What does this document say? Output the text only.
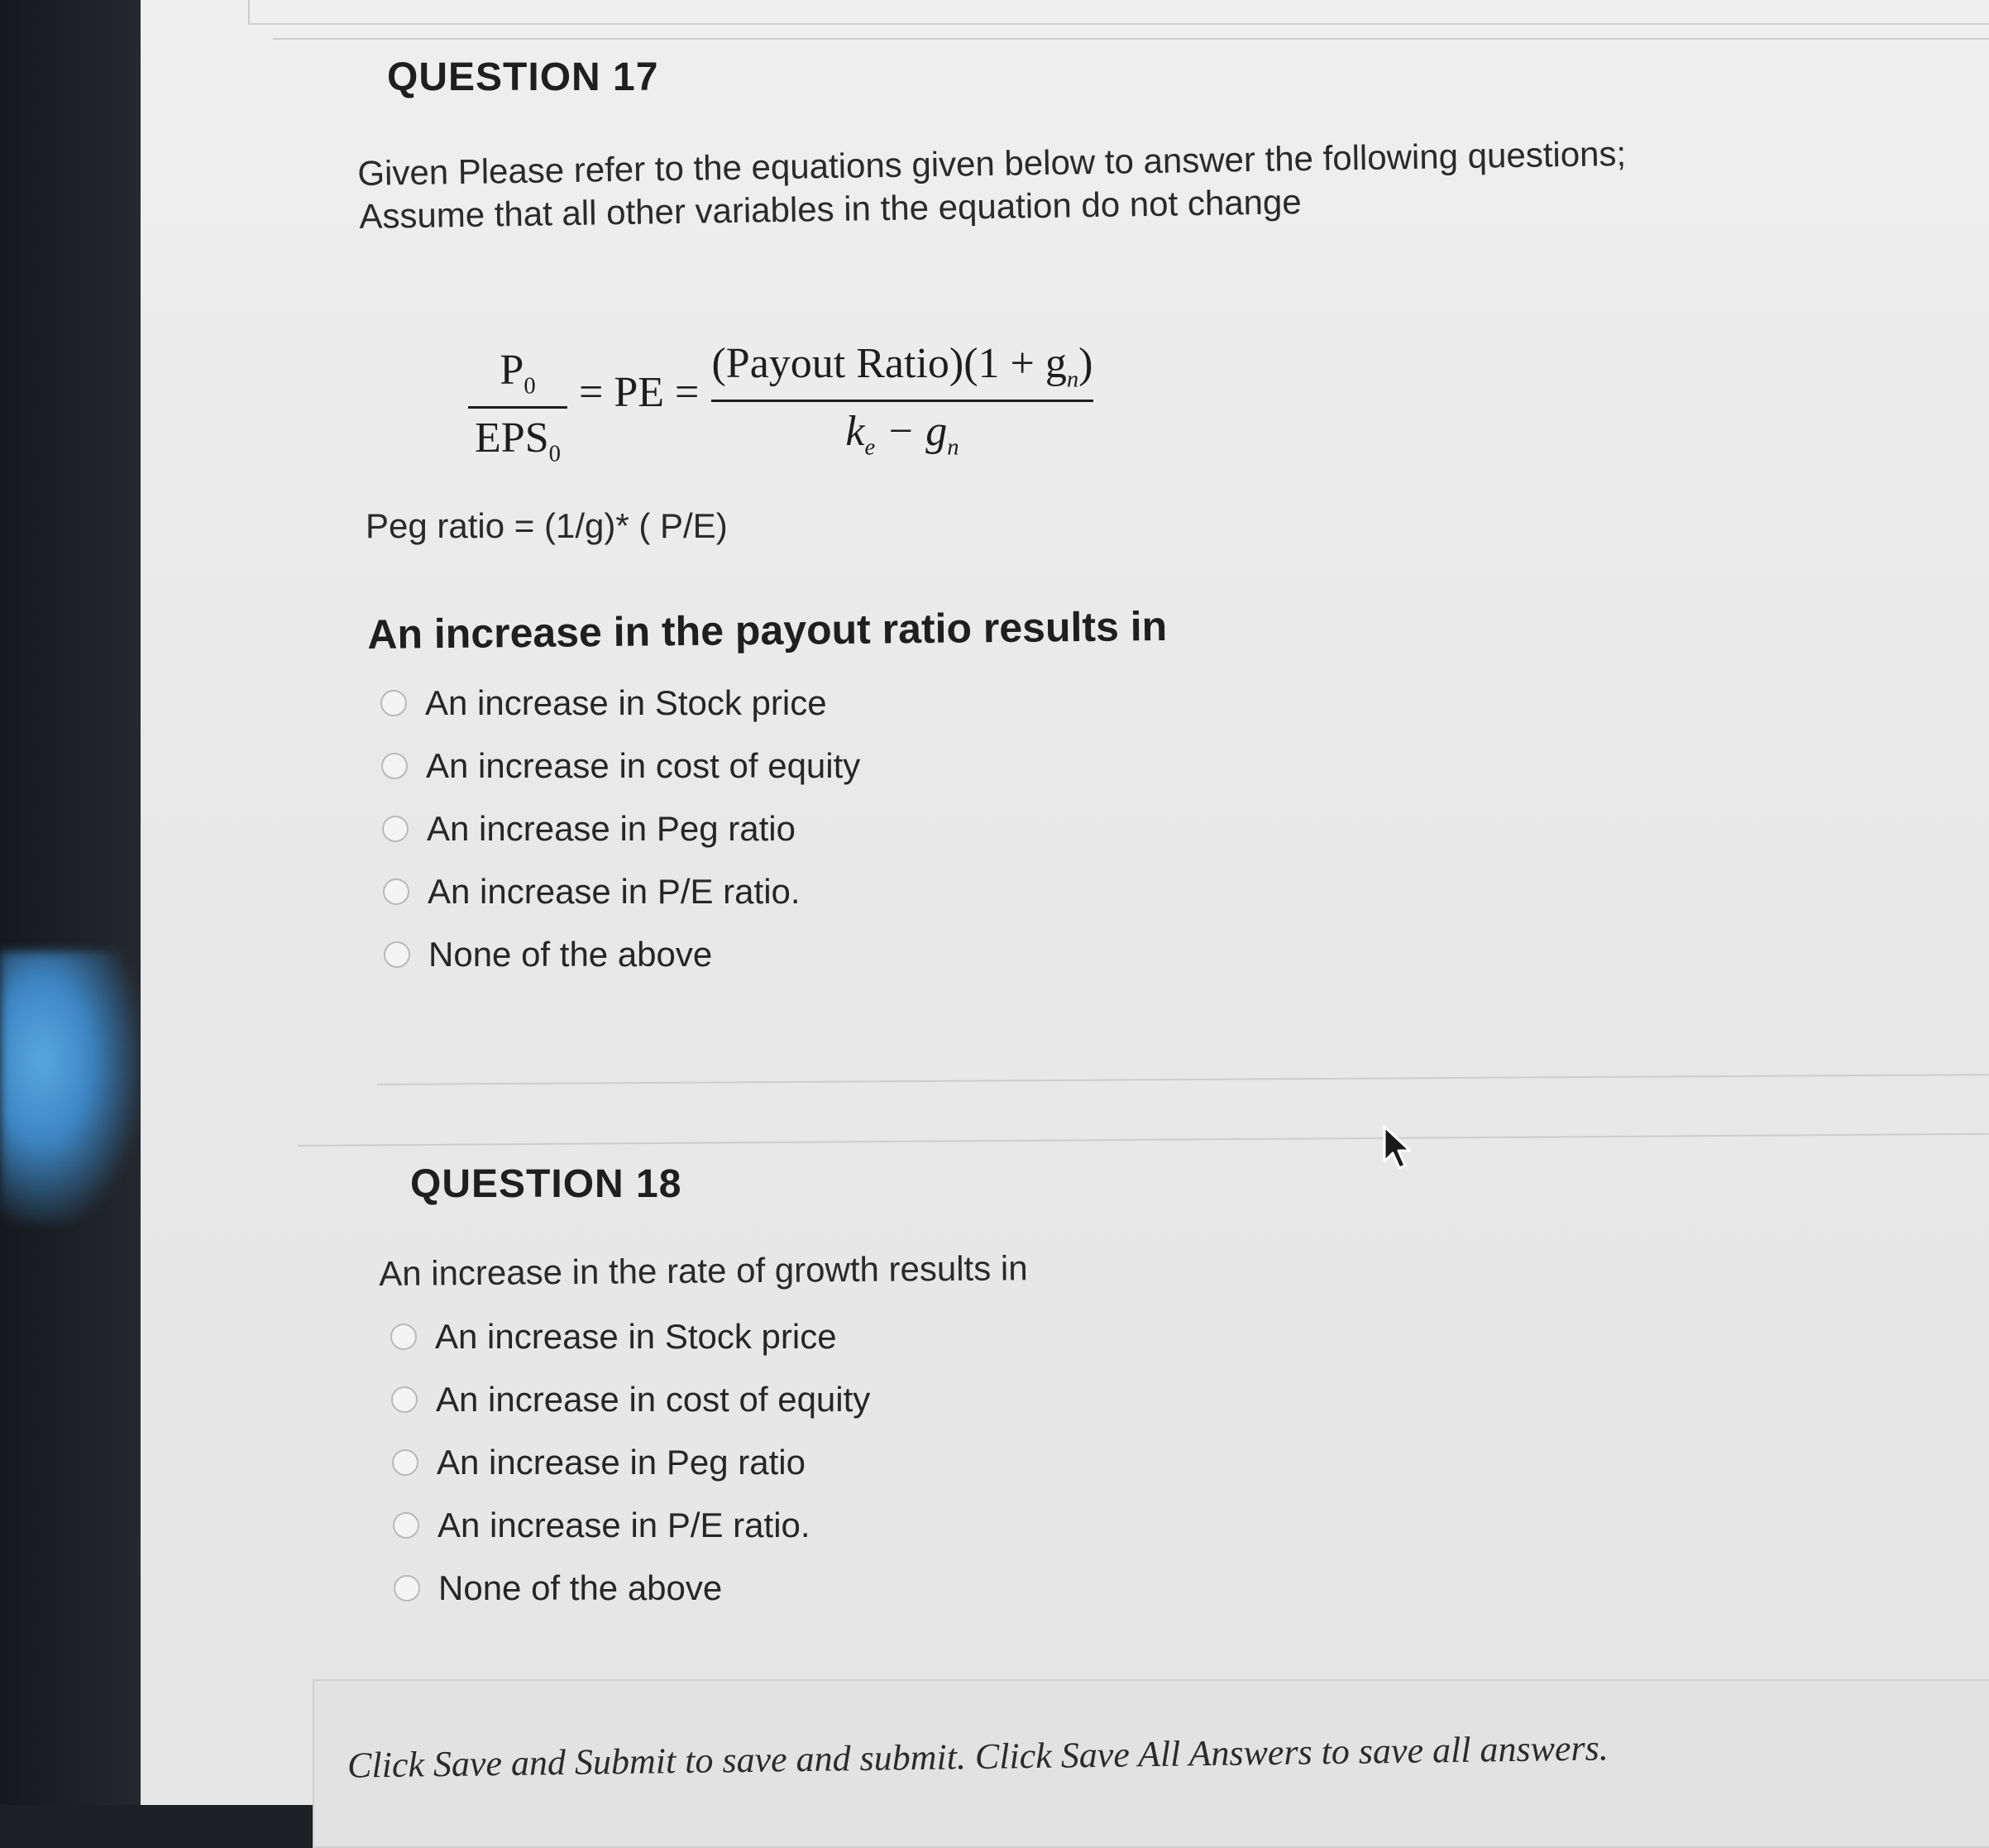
QUESTION 17
Given Please refer to the equations given below to answer the following questions;
Assume that all other variables in the equation do not change
$P_0$
$EPS_0$
= PE =
(Payout Ratio)(1 + $g_n$)
$k_e - g_n$
Peg ratio = (1/g)* ( P/E)
An increase in the payout ratio results in
An increase in Stock price
An increase in cost of equity
An increase in Peg ratio
An increase in P/E ratio.
None of the above
QUESTION 18
An increase in the rate of growth results in
An increase in Stock price
An increase in cost of equity
An increase in Peg ratio
An increase in P/E ratio.
None of the above
Click Save and Submit to save and submit. Click Save All Answers to save all answers.
